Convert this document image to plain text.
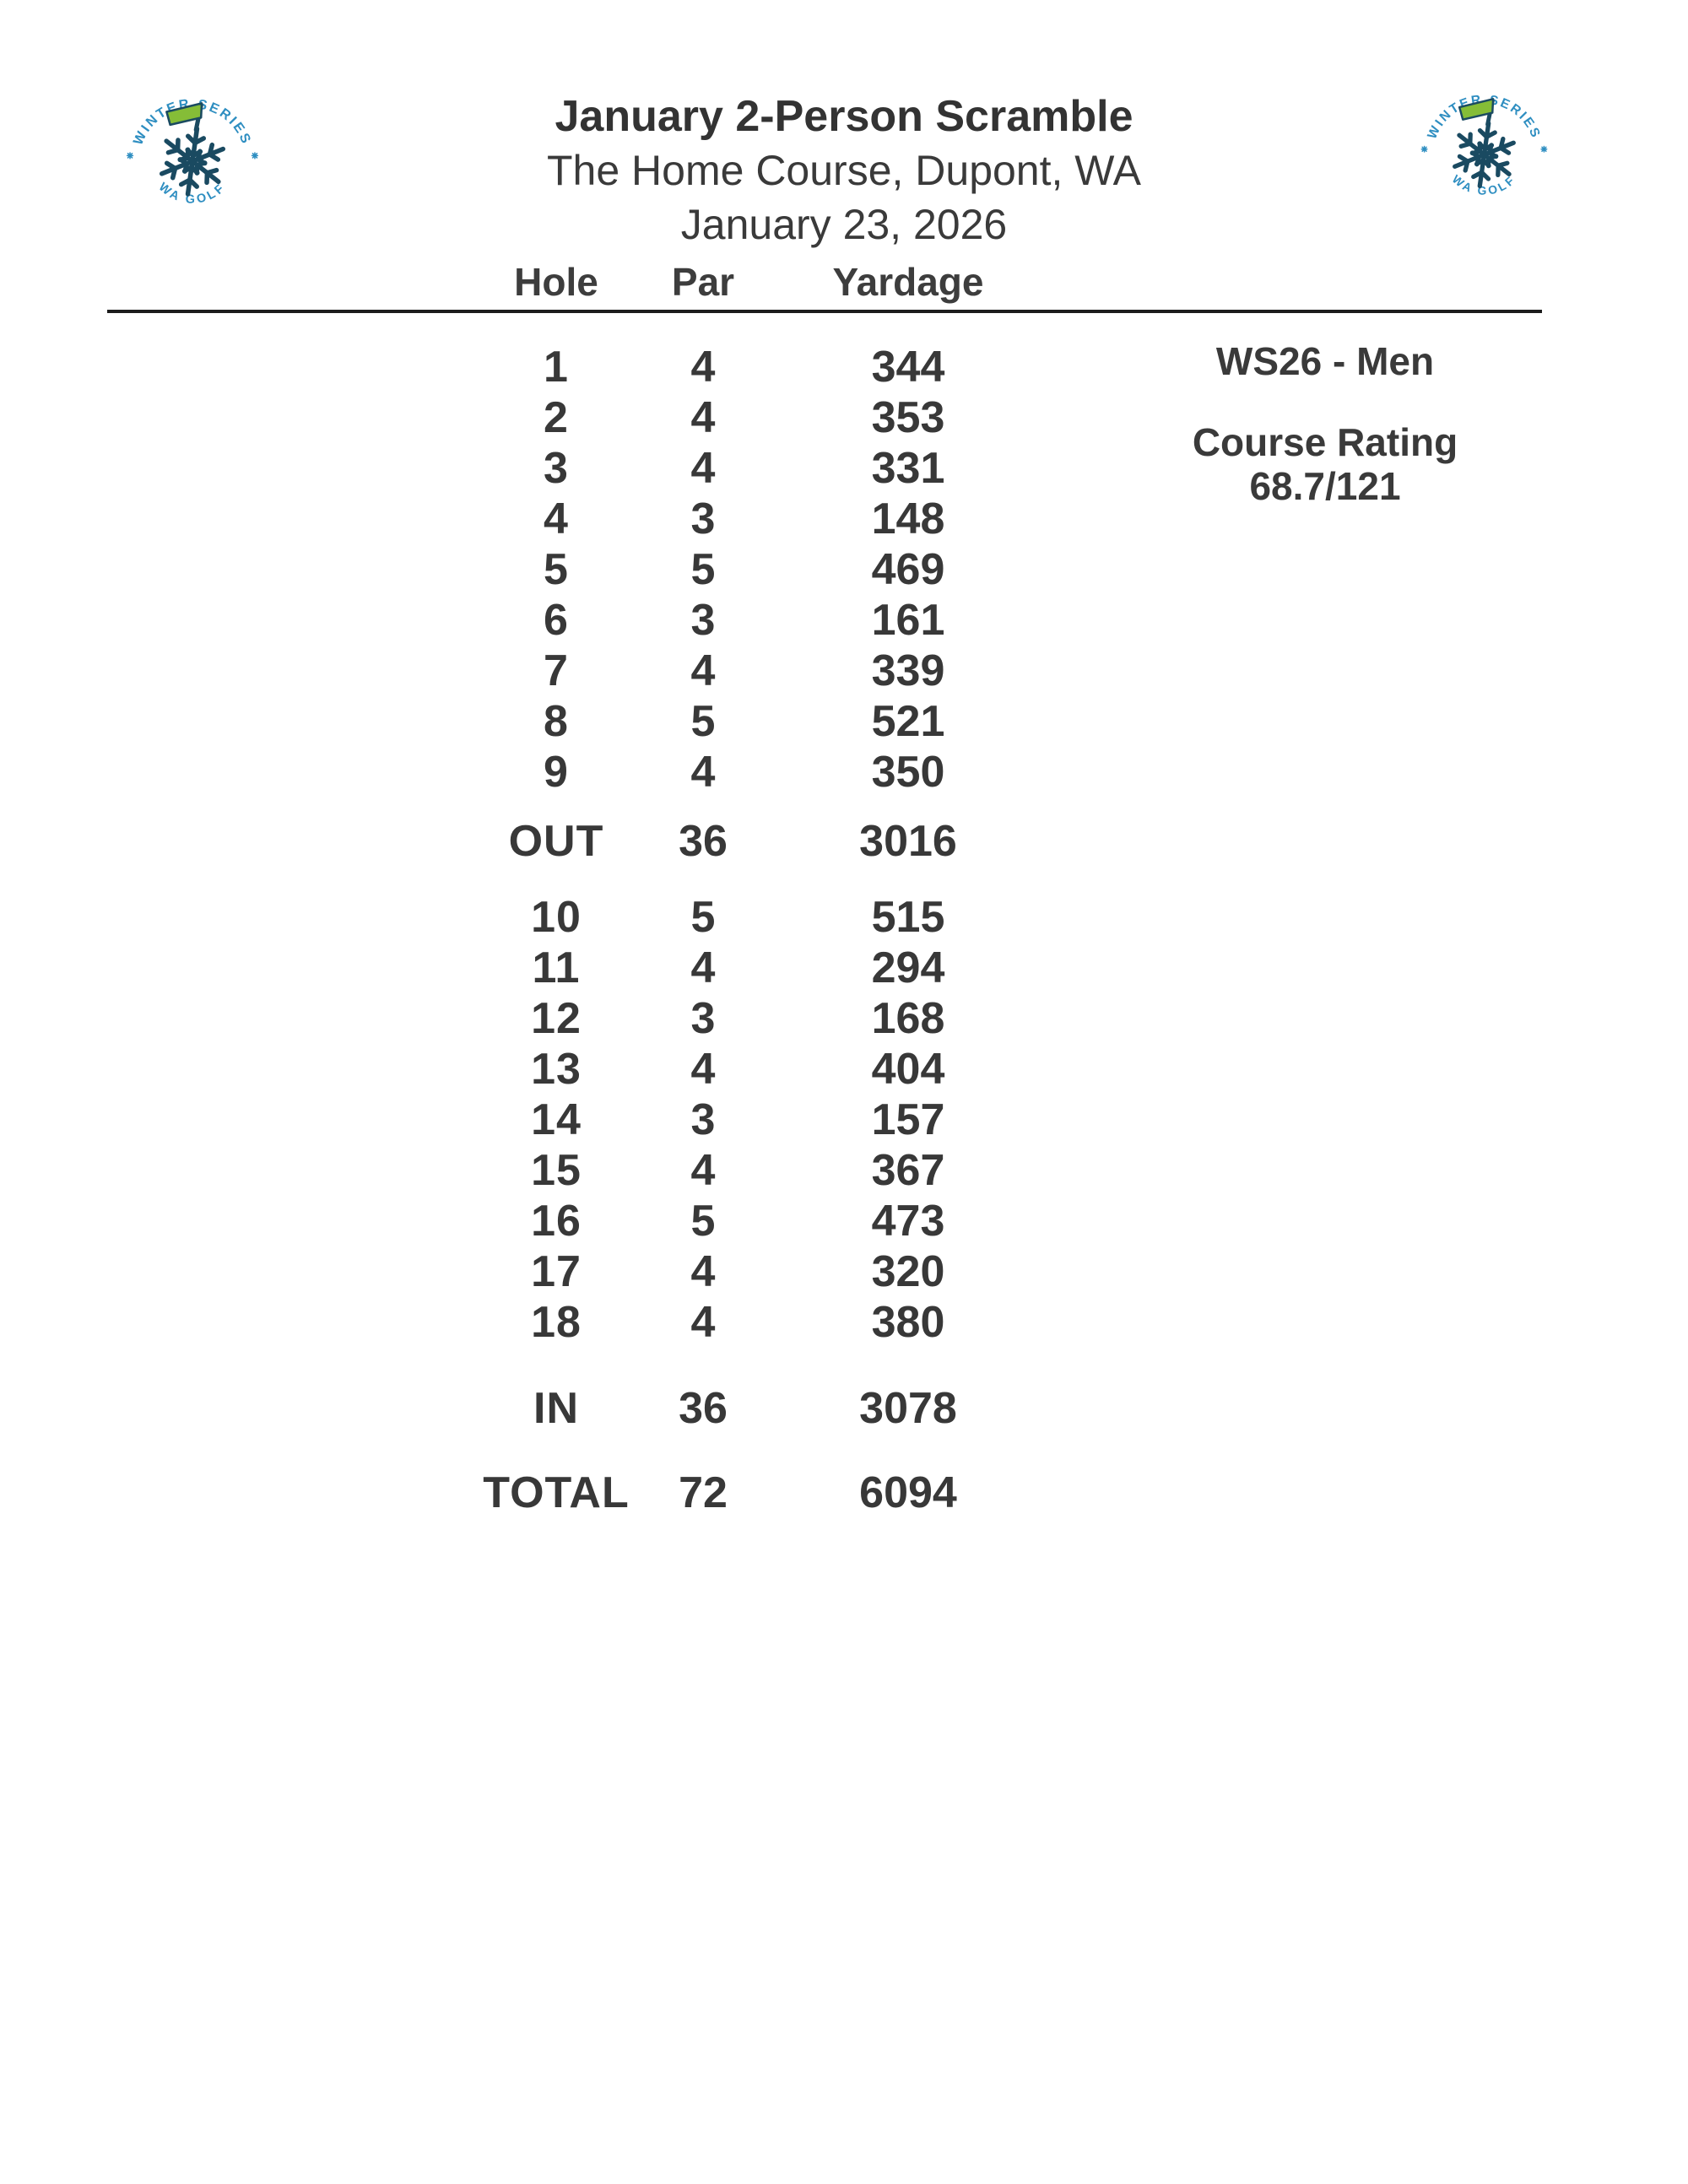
January 2-Person Scramble
The Home Course, Dupont, WA
January 23, 2026
Hole	Par	Yardage
1	4	344
2	4	353
3	4	331
4	3	148
5	5	469
6	3	161
7	4	339
8	5	521
9	4	350
OUT	36	3016
10	5	515
11	4	294
12	3	168
13	4	404
14	3	157
15	4	367
16	5	473
17	4	320
18	4	380
IN	36	3078
TOTAL	72	6094
WS26 - Men
Course Rating
68.7/121
